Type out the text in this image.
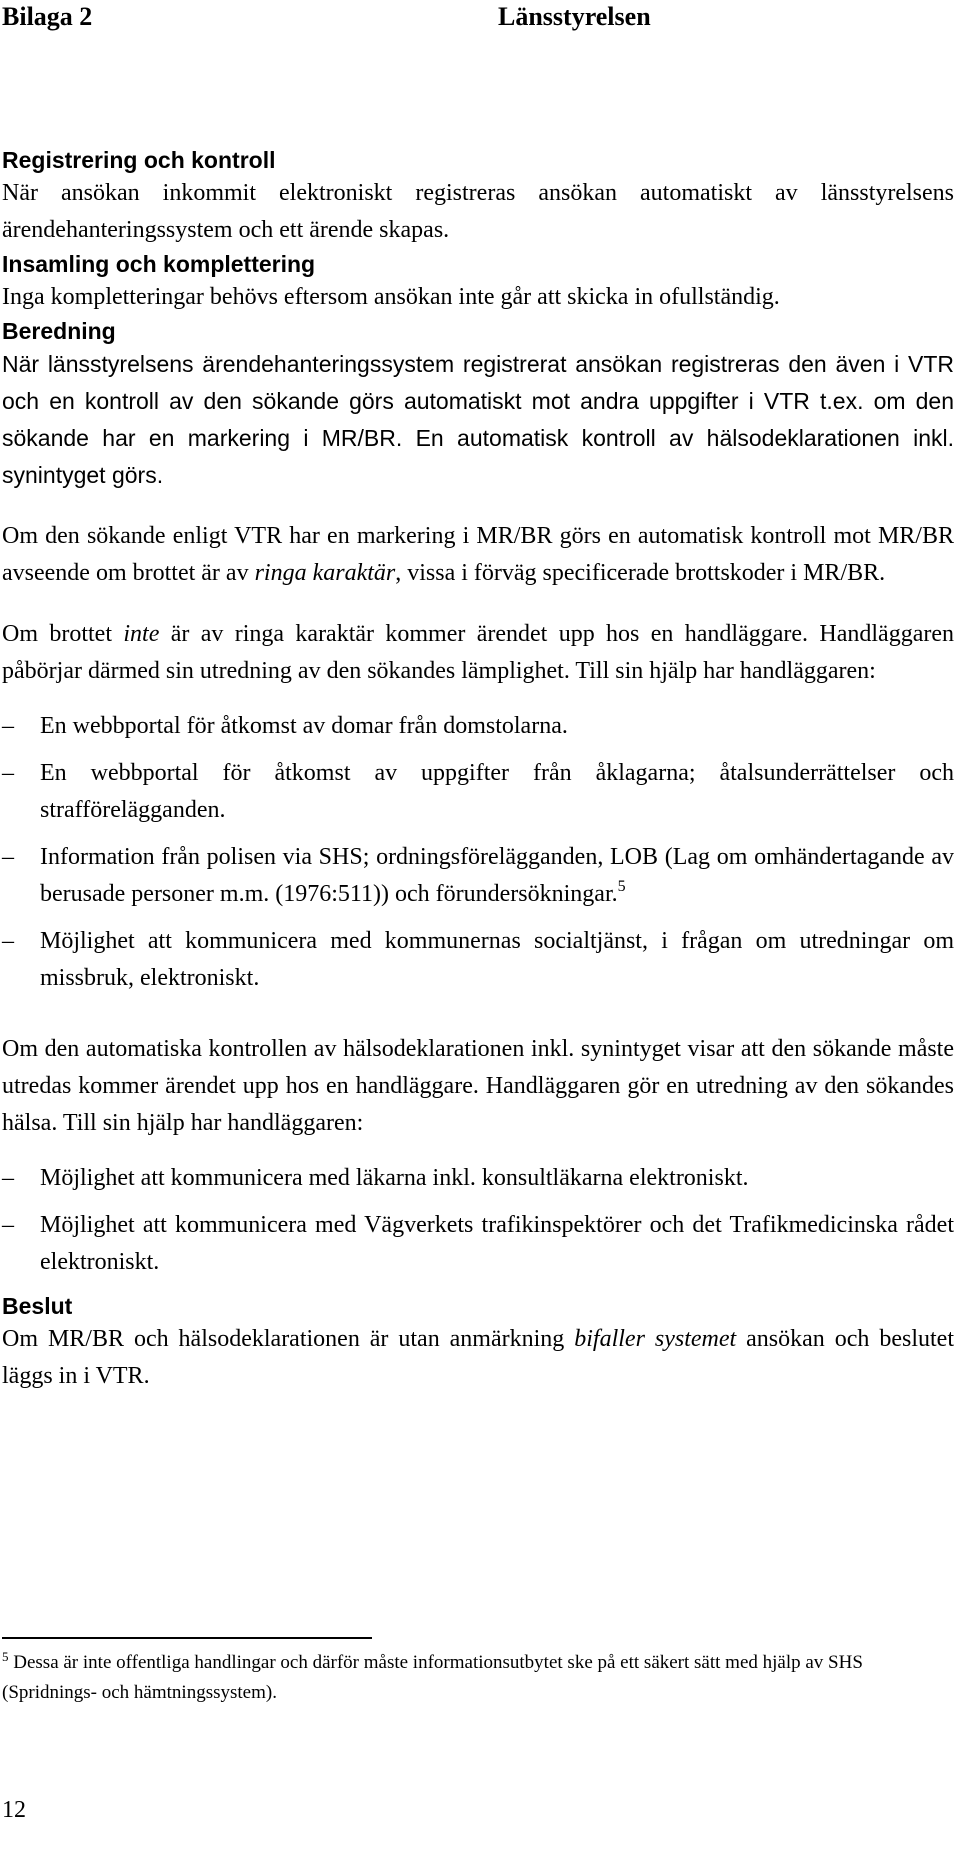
Bilaga 2	Länsstyrelsen
Registrering och kontroll

När ansökan inkommit elektroniskt registreras ansökan automatiskt av länsstyrelsens ärendehanteringssystem och ett ärende skapas.

Insamling och komplettering

Inga kompletteringar behövs eftersom ansökan inte går att skicka in ofullständig.

Beredning

När länsstyrelsens ärendehanteringssystem registrerat ansökan registreras den även i VTR och en kontroll av den sökande görs automatiskt mot andra uppgifter i VTR t.ex. om den sökande har en markering i MR/BR. En automatisk kontroll av hälsodeklarationen inkl. synintyget görs.

Om den sökande enligt VTR har en markering i MR/BR görs en automatisk kontroll mot MR/BR avseende om brottet är av ringa karaktär, vissa i förväg specificerade brottskoder i MR/BR.

Om brottet inte är av ringa karaktär kommer ärendet upp hos en handläggare. Handläggaren påbörjar därmed sin utredning av den sökandes lämplighet. Till sin hjälp har handläggaren:

– En webbportal för åtkomst av domar från domstolarna.
– En webbportal för åtkomst av uppgifter från åklagarna; åtalsunderrättelser och strafförelägganden.
– Information från polisen via SHS; ordningsförelägganden, LOB (Lag om omhändertagande av berusade personer m.m. (1976:511)) och förundersökningar.$^5$
– Möjlighet att kommunicera med kommunernas socialtjänst, i frågan om utredningar om missbruk, elektroniskt.

Om den automatiska kontrollen av hälsodeklarationen inkl. synintyget visar att den sökande måste utredas kommer ärendet upp hos en handläggare. Handläggaren gör en utredning av den sökandes hälsa. Till sin hjälp har handläggaren:

– Möjlighet att kommunicera med läkarna inkl. konsultläkarna elektroniskt.
– Möjlighet att kommunicera med Vägverkets trafikinspektörer och det Trafikmedicinska rådet elektroniskt.
Beslut

Om MR/BR och hälsodeklarationen är utan anmärkning bifaller systemet ansökan och beslutet läggs in i VTR.

$^5$ Dessa är inte offentliga handlingar och därför måste informationsutbytet ske på ett säkert sätt med hjälp av SHS (Spridnings- och hämtningssystem).
12
